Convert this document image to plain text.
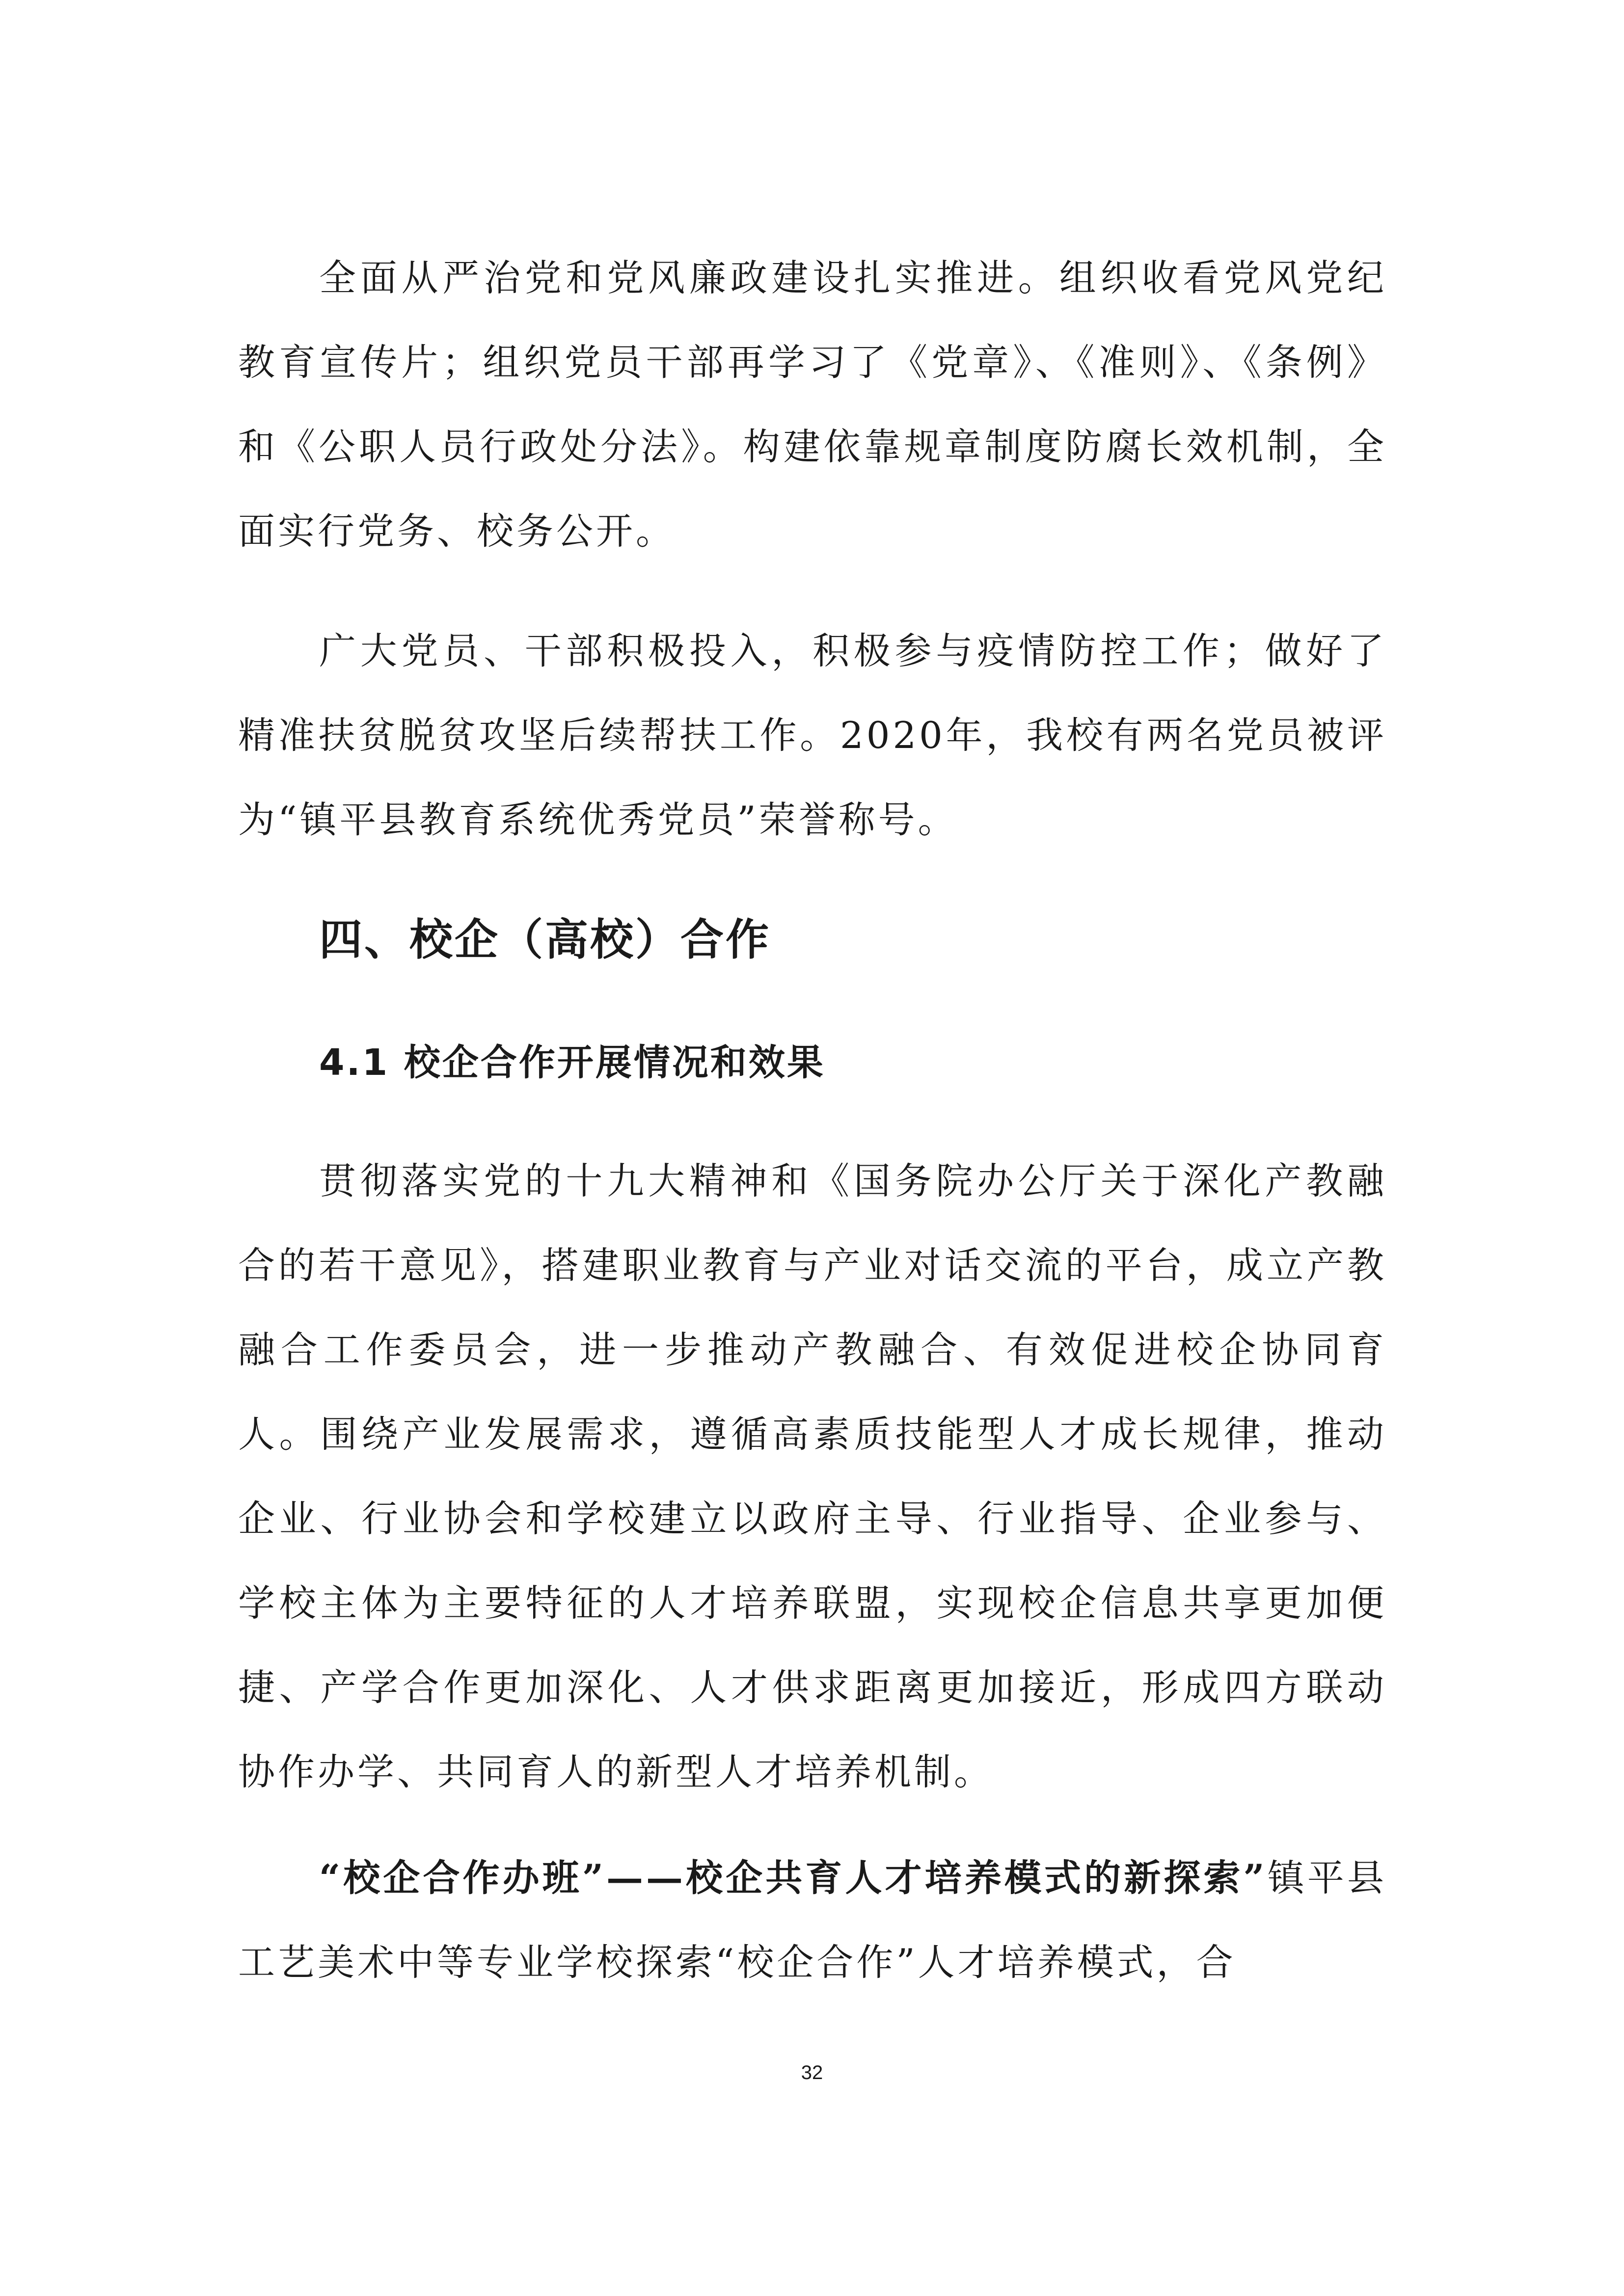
全面从严治党和党风廉政建设扎实推进。组织收看党风党纪教育宣传片；组织党员干部再学习了《党章》、《准则》、《条例》和《公职人员行政处分法》。构建依靠规章制度防腐长效机制，全面实行党务、校务公开。

广大党员、干部积极投入，积极参与疫情防控工作；做好了精准扶贫脱贫攻坚后续帮扶工作。2020年，我校有两名党员被评为“镇平县教育系统优秀党员”荣誉称号。

四、校企（高校）合作
4.1 校企合作开展情况和效果

贯彻落实党的十九大精神和《国务院办公厅关于深化产教融合的若干意见》，搭建职业教育与产业对话交流的平台，成立产教融合工作委员会，进一步推动产教融合、有效促进校企协同育人。围绕产业发展需求，遵循高素质技能型人才成长规律，推动企业、行业协会和学校建立以政府主导、行业指导、企业参与、学校主体为主要特征的人才培养联盟，实现校企信息共享更加便捷、产学合作更加深化、人才供求距离更加接近，形成四方联动协作办学、共同育人的新型人才培养机制。

“校企合作办班”——校企共育人才培养模式的新探索”镇平县工艺美术中等专业学校探索“校企合作”人才培养模式，合

32
